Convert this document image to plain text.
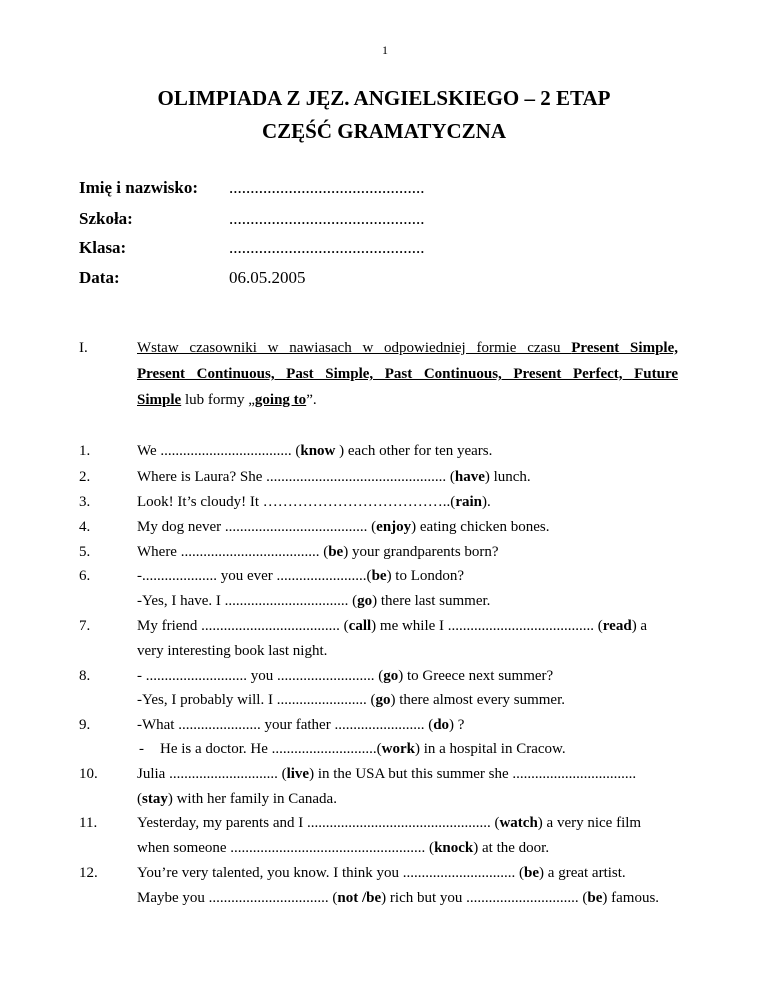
1
OLIMPIADA Z JĘZ. ANGIELSKIEGO – 2 ETAP
CZĘŚĆ GRAMATYCZNA
Imię i nazwisko: ..............................................
Szkoła:	..............................................
Klasa:	..............................................
Data:	06.05.2005
I.	Wstaw czasowniki w nawiasach w odpowiedniej formie czasu Present Simple,
Present Continuous, Past Simple, Past Continuous, Present Perfect, Future
Simple lub formy „going to”.
1.	We ................................... (know ) each other for ten years.
2.	Where is Laura? She ................................................ (have) lunch.
3.	Look! It’s cloudy! It ………………………………..(rain).
4.	My dog never ...................................... (enjoy) eating chicken bones.
5.	Where ..................................... (be) your grandparents born?
6.	-.................... you ever ........................(be) to London?
-Yes, I have. I ................................. (go) there last summer.
7.	My friend ..................................... (call) me while I ....................................... (read) a
very interesting book last night.
8.	- ........................... you .......................... (go) to Greece next summer?
-Yes, I probably will. I ........................ (go) there almost every summer.
9.	-What ...................... your father ........................ (do) ?
- He is a doctor. He ............................(work) in a hospital in Cracow.
10.	Julia ............................. (live) in the USA but this summer she .................................
(stay) with her family in Canada.
11.	Yesterday, my parents and I ................................................. (watch) a very nice film
when someone .................................................... (knock) at the door.
12.	You’re very talented, you know. I think you .............................. (be) a great artist.
Maybe you ................................ (not /be) rich but you .............................. (be) famous.
